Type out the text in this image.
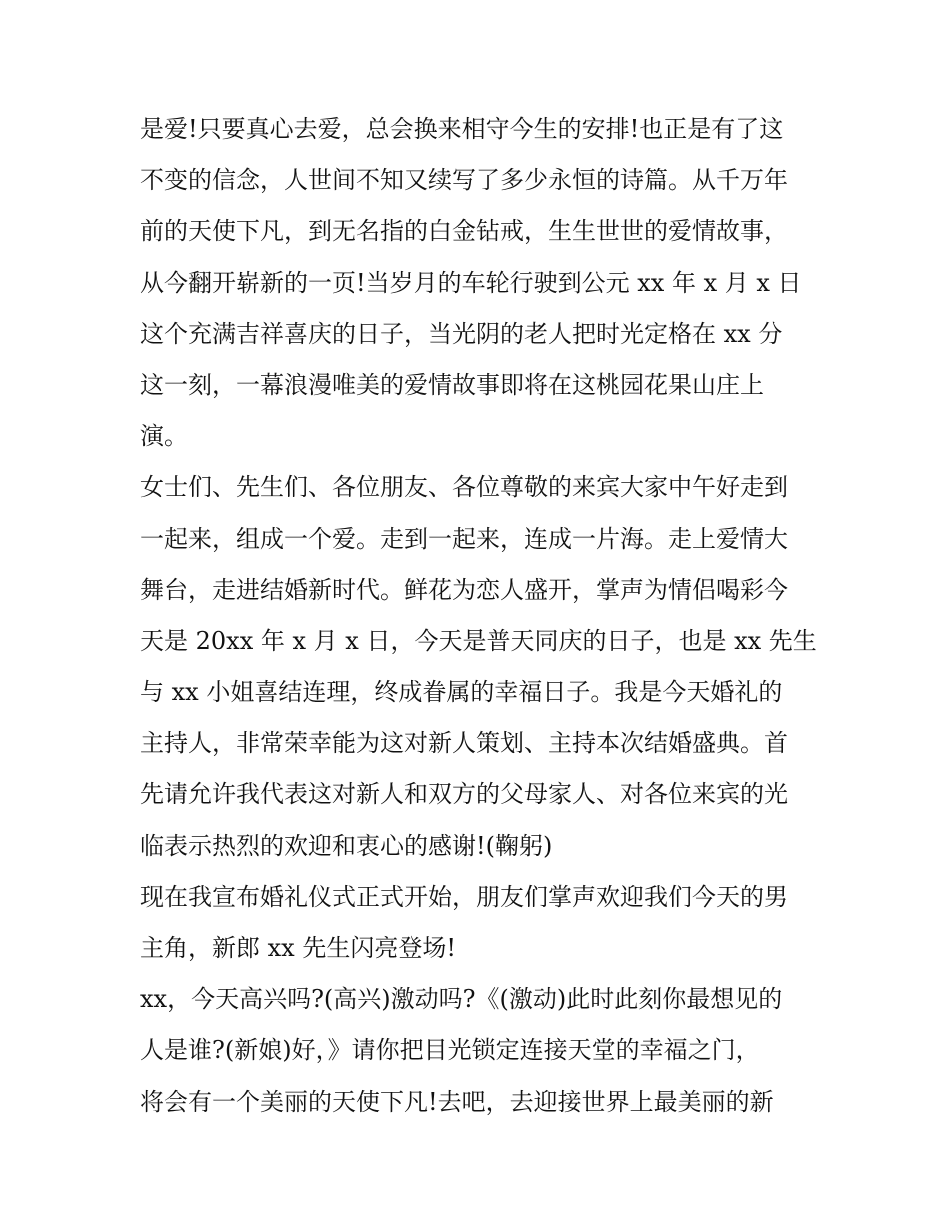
是爱!只要真心去爱，总会换来相守今生的安排!也正是有了这
不变的信念，人世间不知又续写了多少永恒的诗篇。从千万年
前的天使下凡，到无名指的白金钻戒，生生世世的爱情故事，
从今翻开崭新的一页!当岁月的车轮行驶到公元 xx 年 x 月 x 日
这个充满吉祥喜庆的日子，当光阴的老人把时光定格在 xx 分
这一刻，一幕浪漫唯美的爱情故事即将在这桃园花果山庄上
演。
女士们、先生们、各位朋友、各位尊敬的来宾大家中午好走到
一起来，组成一个爱。走到一起来，连成一片海。走上爱情大
舞台，走进结婚新时代。鲜花为恋人盛开，掌声为情侣喝彩今
天是 20xx 年 x 月 x 日，今天是普天同庆的日子，也是 xx 先生
与 xx 小姐喜结连理，终成眷属的幸福日子。我是今天婚礼的
主持人，非常荣幸能为这对新人策划、主持本次结婚盛典。首
先请允许我代表这对新人和双方的父母家人、对各位来宾的光
临表示热烈的欢迎和衷心的感谢!(鞠躬)
现在我宣布婚礼仪式正式开始，朋友们掌声欢迎我们今天的男
主角，新郎 xx 先生闪亮登场!
xx，今天高兴吗?(高兴)激动吗?《(激动)此时此刻你最想见的
人是谁?(新娘)好，》请你把目光锁定连接天堂的幸福之门，
将会有一个美丽的天使下凡!去吧，去迎接世界上最美丽的新
